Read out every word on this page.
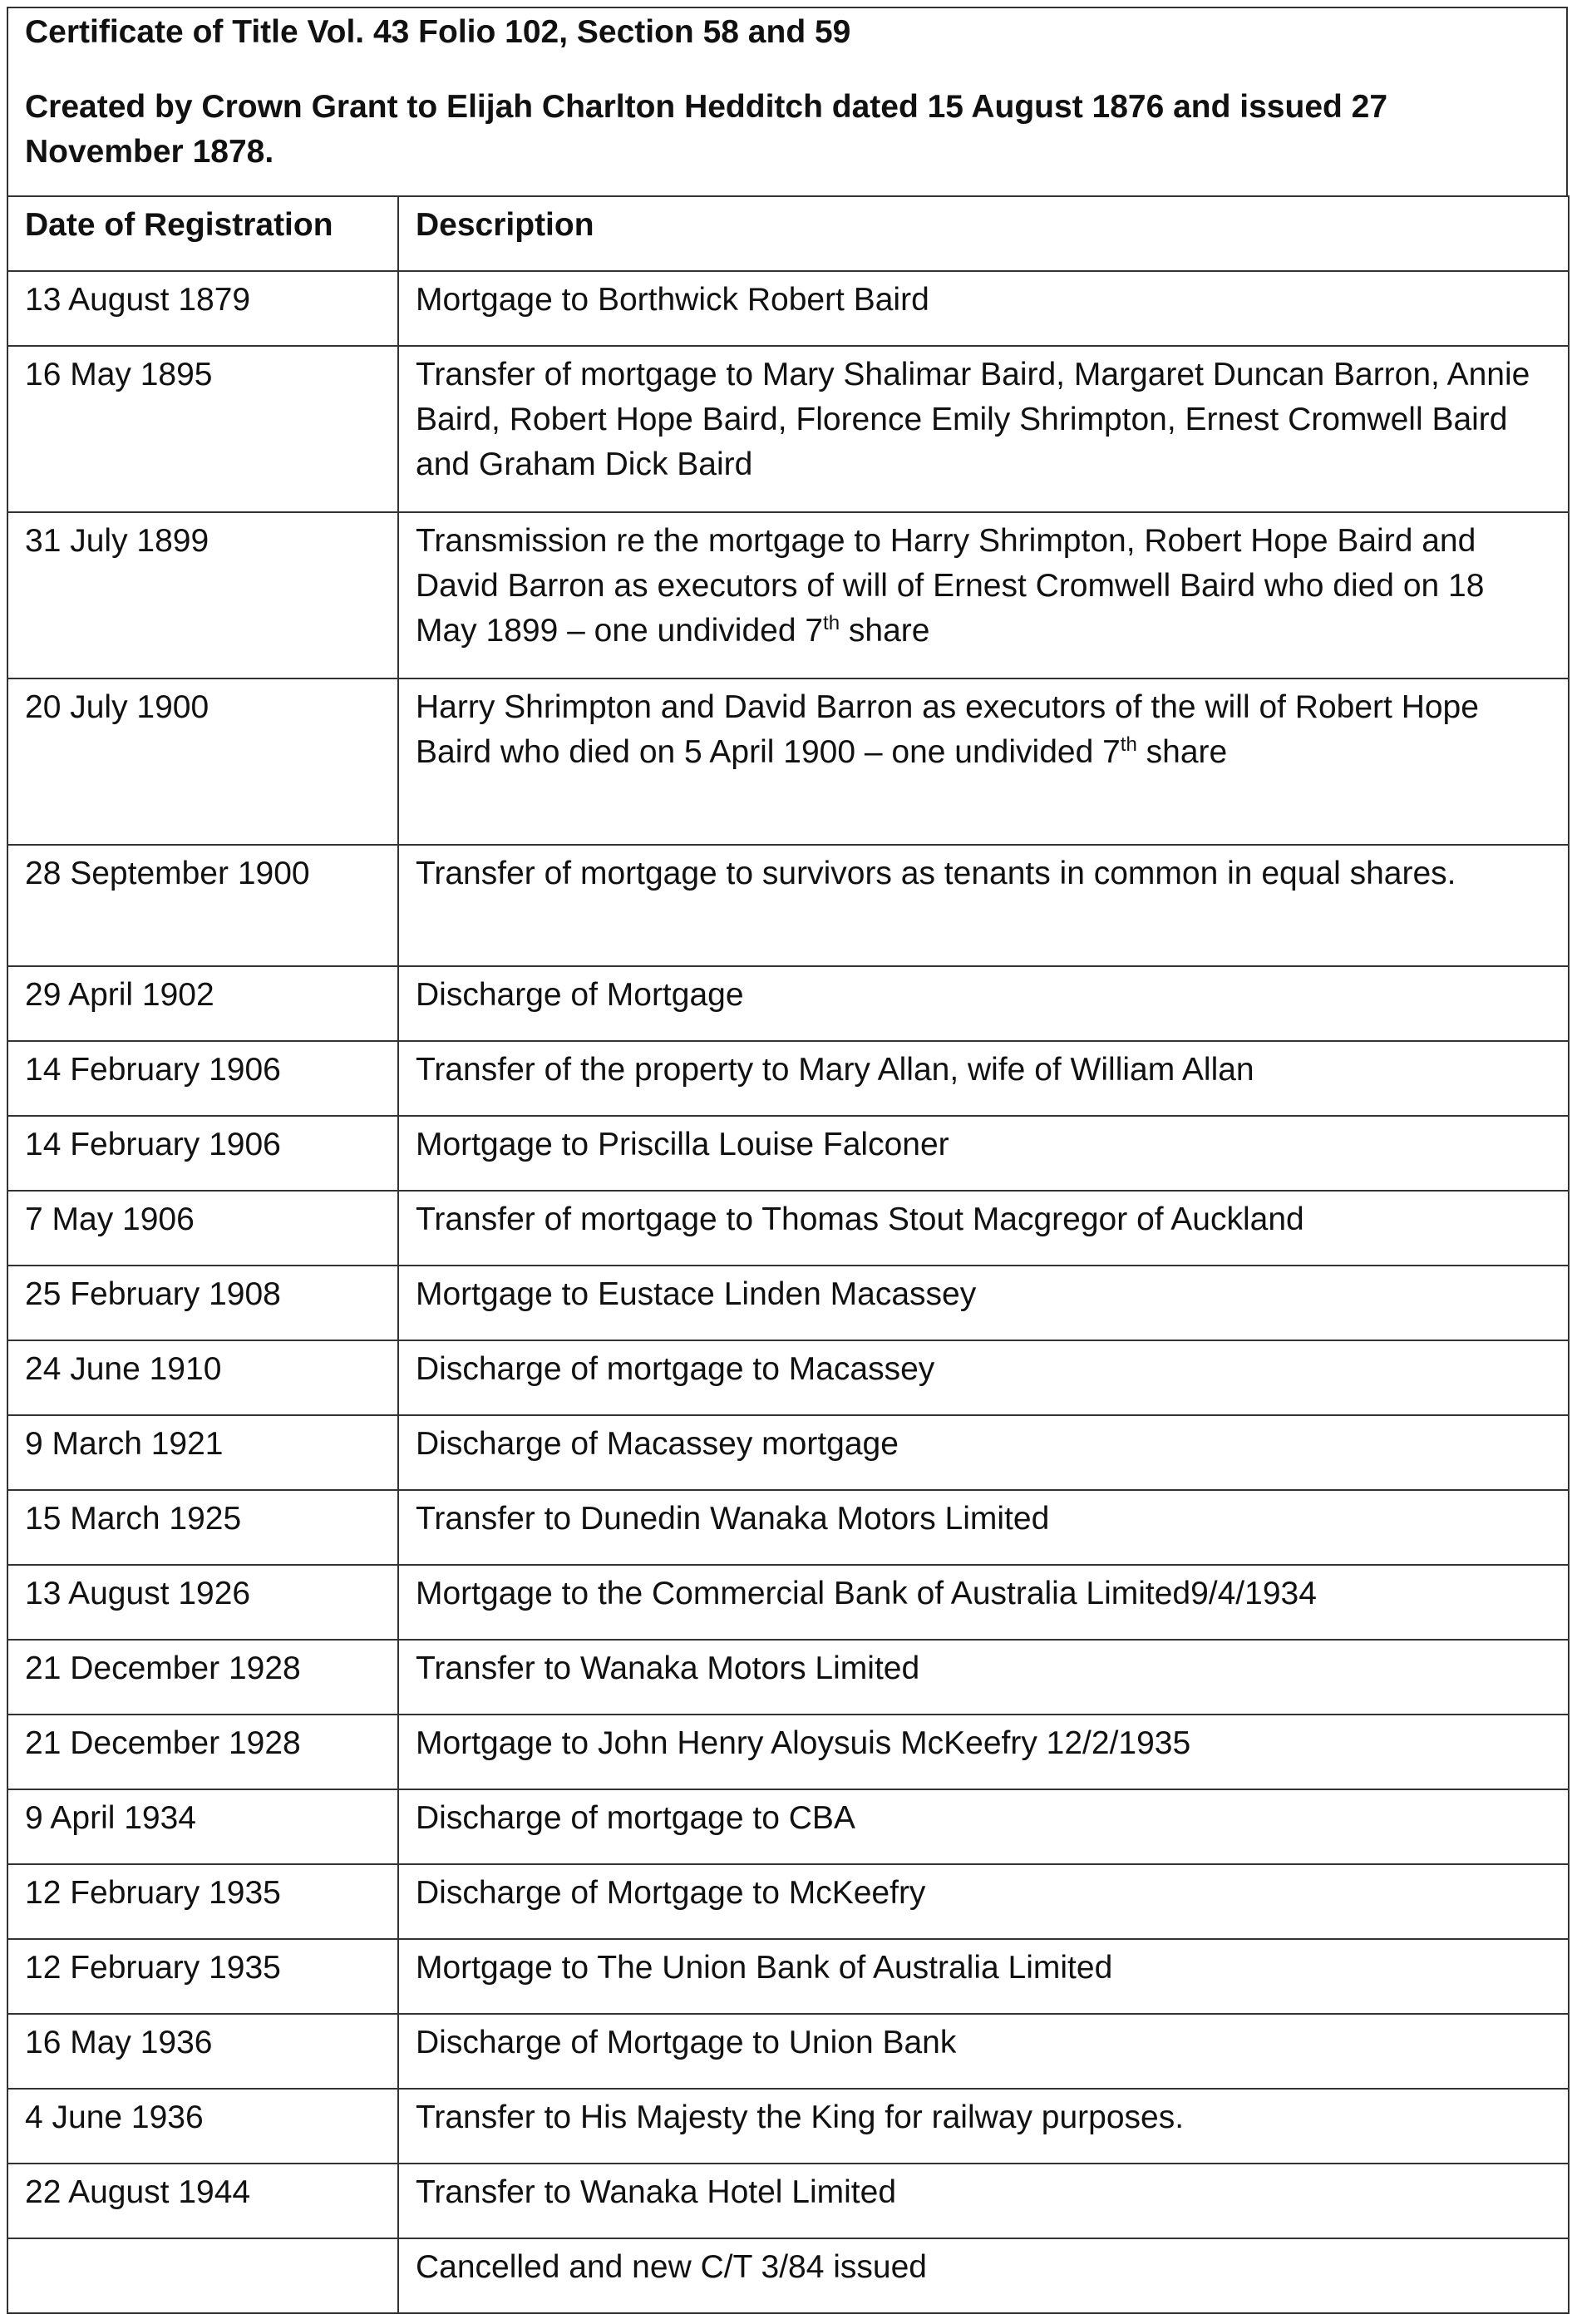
Certificate of Title Vol. 43 Folio 102, Section 58 and 59
Created by Crown Grant to Elijah Charlton Hedditch dated 15 August 1876 and issued 27 November 1878.
Date of Registration	Description

13 August 1879	Mortgage to Borthwick Robert Baird

16 May 1895	Transfer of mortgage to Mary Shalimar Baird, Margaret Duncan Barron, Annie Baird, Robert Hope Baird, Florence Emily Shrimpton, Ernest Cromwell Baird and Graham Dick Baird

31 July 1899	Transmission re the mortgage to Harry Shrimpton, Robert Hope Baird and David Barron as executors of will of Ernest Cromwell Baird who died on 18 May 1899 – one undivided 7th share

20 July 1900	Harry Shrimpton and David Barron as executors of the will of Robert Hope Baird who died on 5 April 1900 – one undivided 7th share

28 September 1900	Transfer of mortgage to survivors as tenants in common in equal shares.

29 April 1902	Discharge of Mortgage

14 February 1906	Transfer of the property to Mary Allan, wife of William Allan

14 February 1906	Mortgage to Priscilla Louise Falconer

7 May 1906	Transfer of mortgage to Thomas Stout Macgregor of Auckland

25 February 1908	Mortgage to Eustace Linden Macassey

24 June 1910	Discharge of mortgage to Macassey

9 March 1921	Discharge of Macassey mortgage

15 March 1925	Transfer to Dunedin Wanaka Motors Limited

13 August 1926	Mortgage to the Commercial Bank of Australia Limited9/4/1934

21 December 1928	Transfer to Wanaka Motors Limited

21 December 1928	Mortgage to John Henry Aloysuis McKeefry 12/2/1935

9 April 1934	Discharge of mortgage to CBA

12 February 1935	Discharge of Mortgage to McKeefry

12 February 1935	Mortgage to The Union Bank of Australia Limited

16 May 1936	Discharge of Mortgage to Union Bank

4 June 1936	Transfer to His Majesty the King for railway purposes.

22 August 1944	Transfer to Wanaka Hotel Limited

	Cancelled and new C/T 3/84 issued
